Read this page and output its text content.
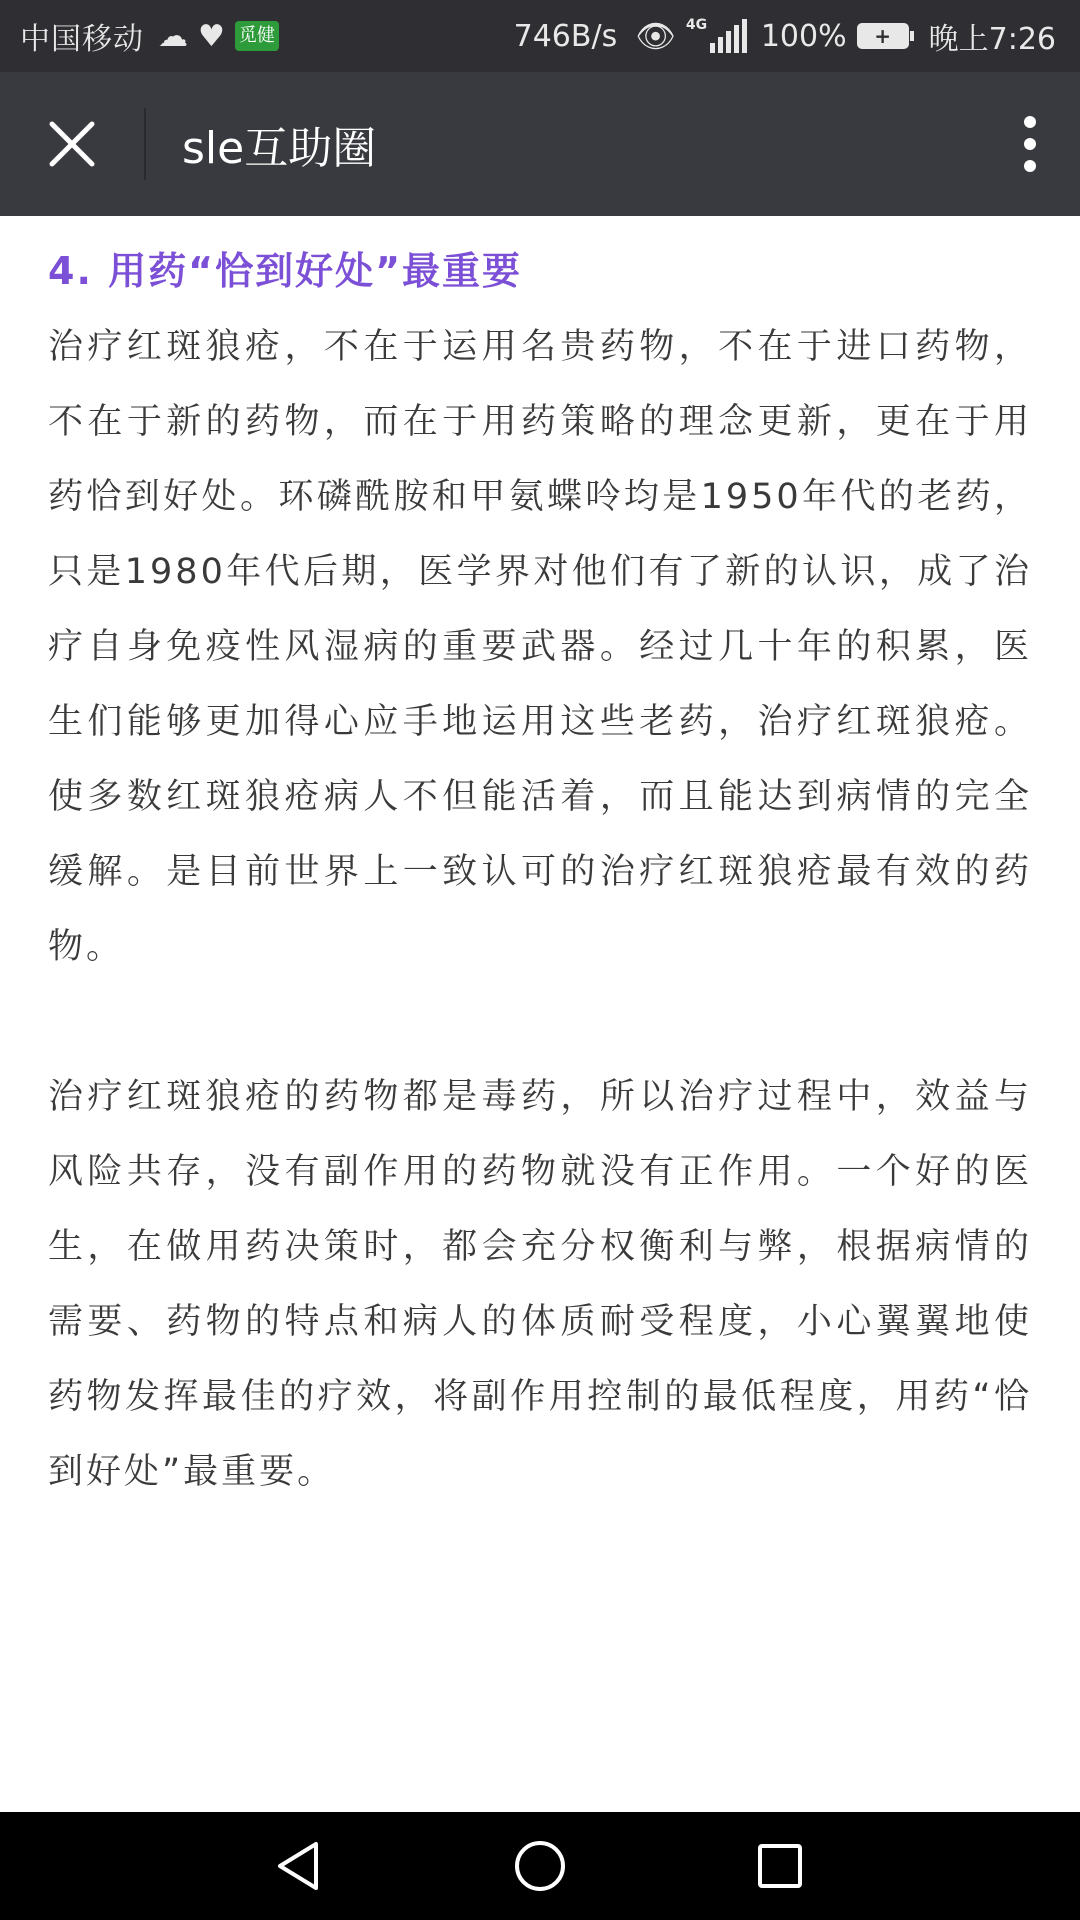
中国移动 ☁ ♥ 觅健	746B/s 👁 4G 100%	+	晚上7:26
sle互助圈
4. 用药“恰到好处”最重要

治疗红斑狼疮，不在于运用名贵药物，不在于进口药物，不在于新的药物，而在于用药策略的理念更新，更在于用药恰到好处。环磷酰胺和甲氨蝶呤均是1950年代的老药，只是1980年代后期，医学界对他们有了新的认识，成了治疗自身免疫性风湿病的重要武器。经过几十年的积累，医生们能够更加得心应手地运用这些老药，治疗红斑狼疮。使多数红斑狼疮病人不但能活着，而且能达到病情的完全缓解。是目前世界上一致认可的治疗红斑狼疮最有效的药物。

治疗红斑狼疮的药物都是毒药，所以治疗过程中，效益与风险共存，没有副作用的药物就没有正作用。一个好的医生，在做用药决策时，都会充分权衡利与弊，根据病情的需要、药物的特点和病人的体质耐受程度，小心翼翼地使药物发挥最佳的疗效，将副作用控制的最低程度，用药“恰到好处”最重要。
